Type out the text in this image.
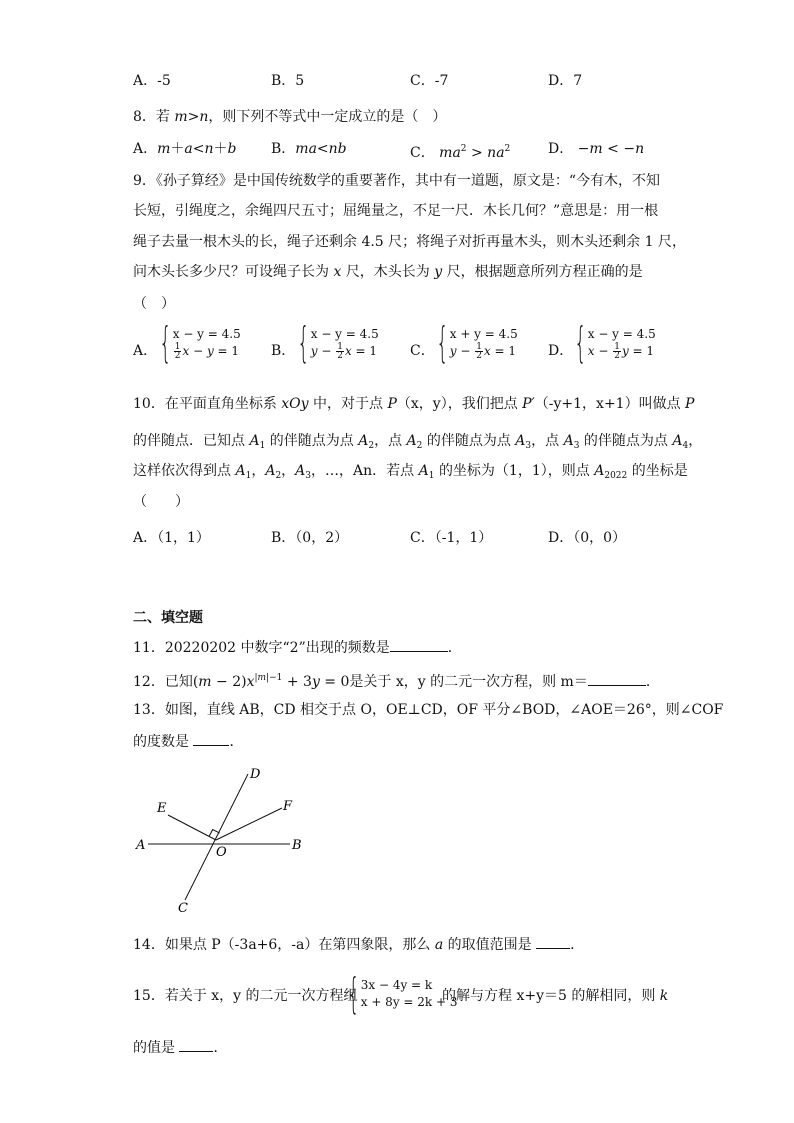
A．-5	B．5	C．-7	D．7
8．若 m>n，则下列不等式中一定成立的是（　）
A．m＋a<n＋b B．ma<nb	C． $ma^2 > na^2$	D． −m < −n
9．《孙子算经》是中国传统数学的重要著作，其中有一道题，原文是：“今有木，不知
长短，引绳度之，余绳四尺五寸；屈绳量之，不足一尺．木长几何？”意思是：用一根
绳子去量一根木头的长，绳子还剩余 4.5 尺；将绳子对折再量木头，则木头还剩余 1 尺，
问木头长多少尺？可设绳子长为 x 尺，木头长为 y 尺，根据题意所列方程正确的是
（　）
A． { x − y = 4.5
$\frac{1}{2}$ x − y = 1 B． { x − y = 4.5
$y - \frac{1}{2}$ x = 1 C． { x + y = 4.5
$y - \frac{1}{2}$ x = 1 D． { x − y = 4.5
$x - \frac{1}{2}$ y = 1
10．在平面直角坐标系 xOy 中，对于点 P（x，y），我们把点 P′（-y+1，x+1）叫做点 P
的伴随点．已知点 $A_1$ 的伴随点为点 $A_2$，点 $A_2$ 的伴随点为点 $A_3$，点 $A_3$ 的伴随点为点 $A_4$，
这样依次得到点 $A_1$，$A_2$，$A_3$，…，An．若点 $A_1$ 的坐标为（1，1），则点 $A_{2022}$ 的坐标是
（　　）
A．（1，1）	B．（0，2）	C．（-1，1）	D．（0，0）
二、填空题
11．20220202 中数字“2”出现的频数是	．
12．已知$(m - 2)x^{|m|-1} + 3y = 0$是关于 x，y 的二元一次方程，则 m＝	．
13．如图，直线 AB，CD 相交于点 O，OE⊥CD，OF 平分∠BOD，∠AOE＝26°，则∠COF
的度数是	．
D
E	F
A	O	B
C
14．如果点 P（-3a+6，-a）在第四象限，那么 a 的取值范围是	．
15．若关于 x，y 的二元一次方程组
{ 3x − 4y = k
x + 8y = 2k + 3
的解与方程 x+y＝5 的解相同，则 k
的值是	．
